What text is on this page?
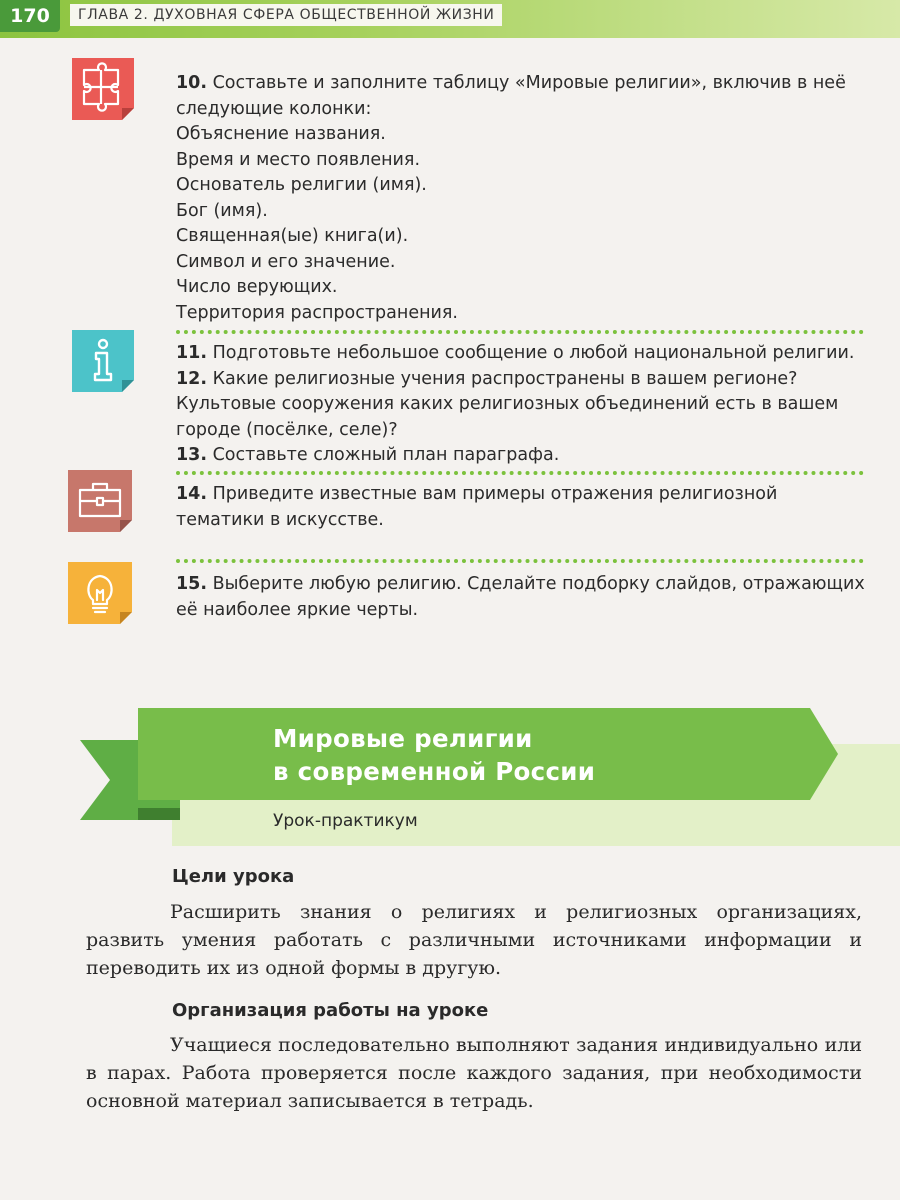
170	ГЛАВА 2. ДУХОВНАЯ СФЕРА ОБЩЕСТВЕННОЙ ЖИЗНИ

10. Составьте и заполните таблицу «Мировые религии», включив в неё следующие колонки:

Объяснение названия.

Время и место появления.

Основатель религии (имя).

Бог (имя).

Священная(ые) книга(и).

Символ и его значение.

Число верующих.

Территория распространения.

11. Подготовьте небольшое сообщение о любой национальной религии.

12. Какие религиозные учения распространены в вашем регионе? Культовые сооружения каких религиозных объединений есть в вашем городе (посёлке, селе)?

13. Составьте сложный план параграфа.

14. Приведите известные вам примеры отражения религиозной тематики в искусстве.

15. Выберите любую религию. Сделайте подборку слайдов, отражающих её наиболее яркие черты.

Мировые религии
в современной России
Урок-практикум
Цели урока

Расширить знания о религиях и религиозных организациях, развить умения работать с различными источниками информации и переводить их из одной формы в другую.

Организация работы на уроке

Учащиеся последовательно выполняют задания индивидуально или в парах. Работа проверяется после каждого задания, при необходимости основной материал записывается в тетрадь.
